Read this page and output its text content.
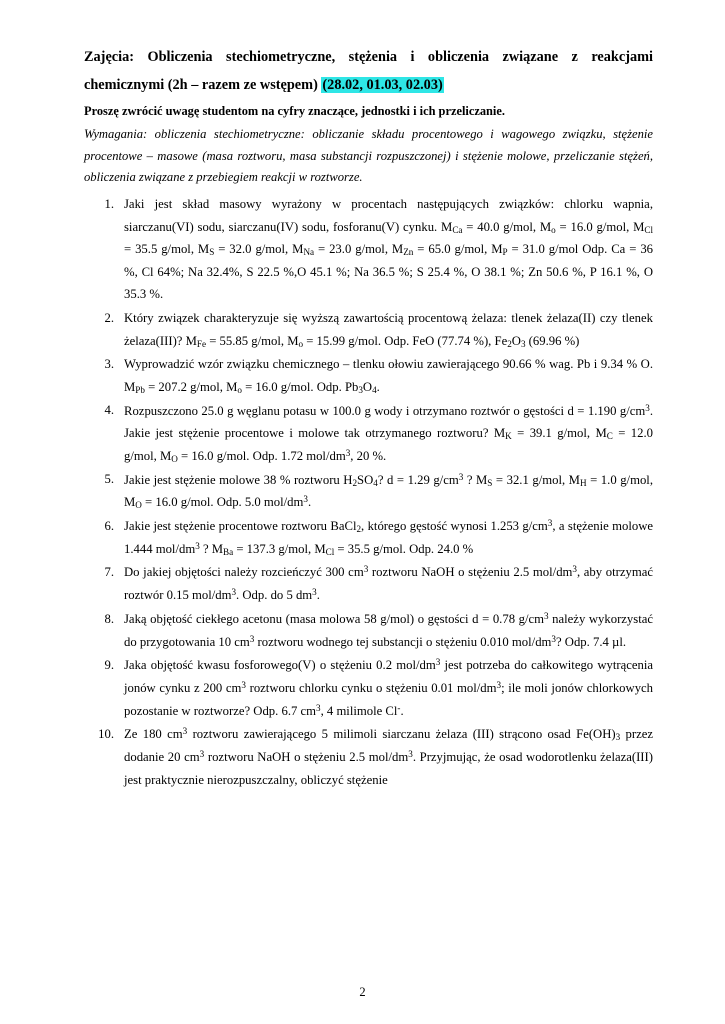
Zajęcia: Obliczenia stechiometryczne, stężenia i obliczenia związane z reakcjami chemicznymi (2h – razem ze wstępem) (28.02, 01.03, 02.03)

Proszę zwrócić uwagę studentom na cyfry znaczące, jednostki i ich przeliczanie.

Wymagania: obliczenia stechiometryczne: obliczanie składu procentowego i wagowego związku, stężenie procentowe – masowe (masa roztworu, masa substancji rozpuszczonej) i stężenie molowe, przeliczanie stężeń, obliczenia związane z przebiegiem reakcji w roztworze.

Jaki jest skład masowy wyrażony w procentach następujących związków: chlorku wapnia, siarczanu(VI) sodu, siarczanu(IV) sodu, fosforanu(V) cynku. $M_{Ca} = 40.0$ g/mol, $M_o = 16.0$ g/mol, $M_{Cl} = 35.5$ g/mol, $M_S = 32.0$ g/mol, $M_{Na} = 23.0$ g/mol, $M_{Zn} = 65.0$ g/mol, $M_P = 31.0$ g/mol Odp. Ca = 36 %, Cl 64%; Na 32.4%, S 22.5 %,O 45.1 %; Na 36.5 %; S 25.4 %, O 38.1 %; Zn 50.6 %, P 16.1 %, O 35.3 %.
Który związek charakteryzuje się wyższą zawartością procentową żelaza: tlenek żelaza(II) czy tlenek żelaza(III)? $M_{Fe} = 55.85$ g/mol, $M_o = 15.99$ g/mol. Odp. FeO (77.74 %), $Fe_2O_3$ (69.96 %)
Wyprowadzić wzór związku chemicznego – tlenku ołowiu zawierającego 90.66 % wag. Pb i 9.34 % O. $M_{Pb} = 207.2$ g/mol, $M_o = 16.0$ g/mol. Odp. $Pb_3O_4$.
Rozpuszczono 25.0 g węglanu potasu w 100.0 g wody i otrzymano roztwór o gęstości d = 1.190 $g/cm^3$. Jakie jest stężenie procentowe i molowe tak otrzymanego roztworu? $M_K = 39.1$ g/mol, $M_C = 12.0$ g/mol, $M_O = 16.0$ g/mol. Odp. 1.72 mol/$dm^3$, 20 %.
Jakie jest stężenie molowe 38 % roztworu $H_2SO_4$? d = 1.29 $g/cm^3$ ? $M_S = 32.1$ g/mol, $M_H = 1.0$ g/mol, $M_O = 16.0$ g/mol. Odp. 5.0 mol/$dm^3$.
Jakie jest stężenie procentowe roztworu BaCl$_2$, którego gęstość wynosi 1.253 $g/cm^3$, a stężenie molowe 1.444 mol/$dm^3$ ? $M_{Ba} = 137.3$ g/mol, $M_{Cl} = 35.5$ g/mol. Odp. 24.0 %
Do jakiej objętości należy rozcieńczyć 300 $cm^3$ roztworu NaOH o stężeniu 2.5 mol/$dm^3$, aby otrzymać roztwór 0.15 mol/$dm^3$. Odp. do 5 $dm^3$.
Jaką objętość ciekłego acetonu (masa molowa 58 g/mol) o gęstości d = 0.78 $g/cm^3$ należy wykorzystać do przygotowania 10 $cm^3$ roztworu wodnego tej substancji o stężeniu 0.010 mol/$dm^3$? Odp. 7.4 µl.
Jaka objętość kwasu fosforowego(V) o stężeniu 0.2 mol/$dm^3$ jest potrzeba do całkowitego wytrącenia jonów cynku z 200 $cm^3$ roztworu chlorku cynku o stężeniu 0.01 mol/$dm^3$; ile moli jonów chlorkowych pozostanie w roztworze? Odp. 6.7 $cm^3$, 4 milimole Cl-.
Ze 180 $cm^3$ roztworu zawierającego 5 milimoli siarczanu żelaza (III) strącono osad $Fe(OH)_3$ przez dodanie 20 $cm^3$ roztworu NaOH o stężeniu 2.5 mol/$dm^3$. Przyjmując, że osad wodorotlenku żelaza(III) jest praktycznie nierozpuszczalny, obliczyć stężenie
2
